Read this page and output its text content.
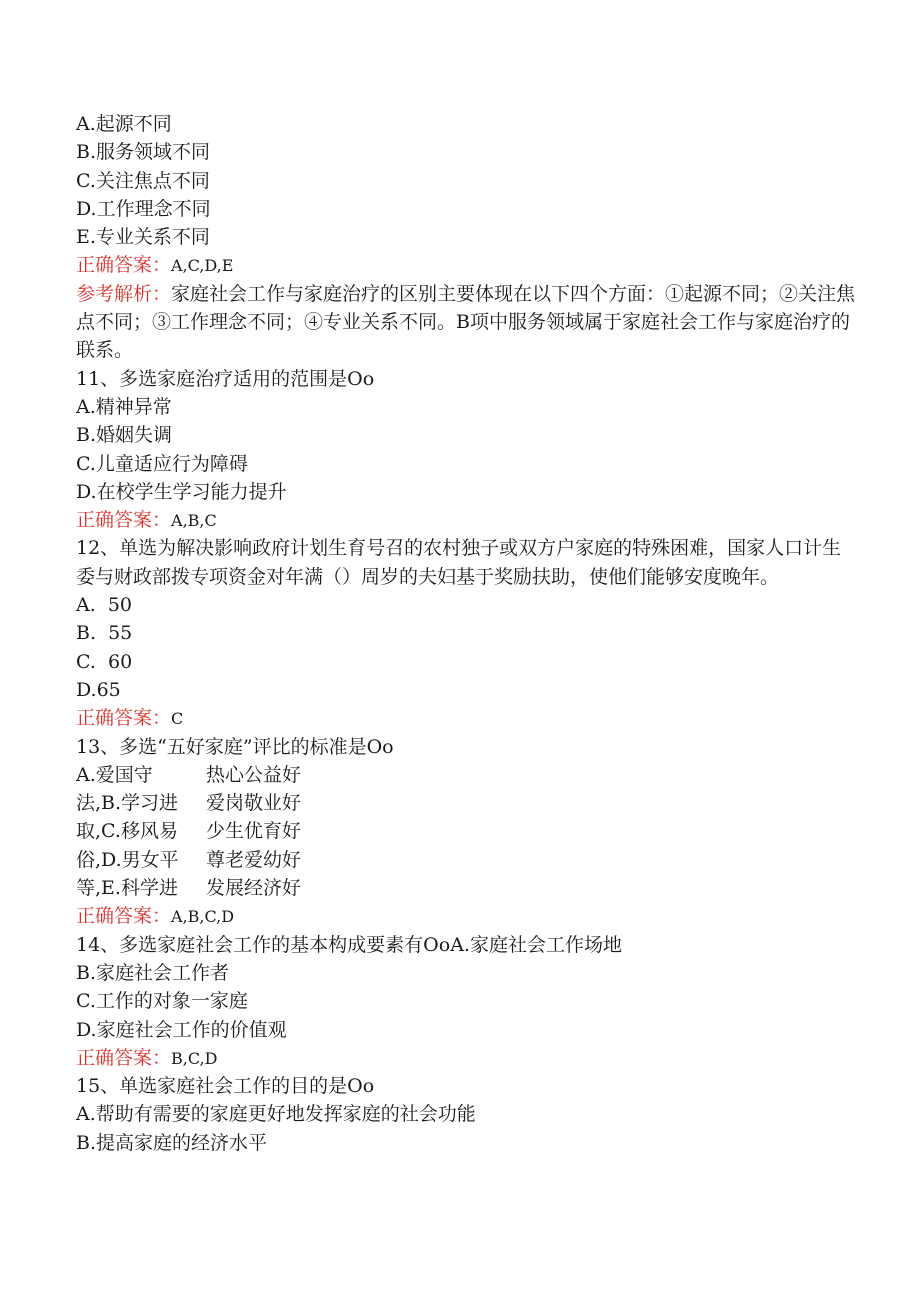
A.起源不同
B.服务领域不同
C.关注焦点不同
D.工作理念不同
E.专业关系不同
正确答案：A,C,D,E
参考解析：家庭社会工作与家庭治疗的区别主要体现在以下四个方面：①起源不同；②关注焦点不同；③工作理念不同；④专业关系不同。B项中服务领域属于家庭社会工作与家庭治疗的联系。
11、多选家庭治疗适用的范围是Oo
A.精神异常
B.婚姻失调
C.儿童适应行为障碍
D.在校学生学习能力提升
正确答案：A,B,C
12、单选为解决影响政府计划生育号召的农村独子或双方户家庭的特殊困难，国家人口计生委与财政部拨专项资金对年满（）周岁的夫妇基于奖励扶助，使他们能够安度晚年。
A.  50
B.  55
C.  60
D.65
正确答案：C
13、多选“五好家庭”评比的标准是Oo
A.爱国守	热心公益好
法,B.学习进	爱岗敬业好
取,C.移风易	少生优育好
俗,D.男女平	尊老爱幼好
等,E.科学进	发展经济好
正确答案：A,B,C,D
14、多选家庭社会工作的基本构成要素有OoA.家庭社会工作场地
B.家庭社会工作者
C.工作的对象一家庭
D.家庭社会工作的价值观
正确答案：B,C,D
15、单选家庭社会工作的目的是Oo
A.帮助有需要的家庭更好地发挥家庭的社会功能
B.提高家庭的经济水平
